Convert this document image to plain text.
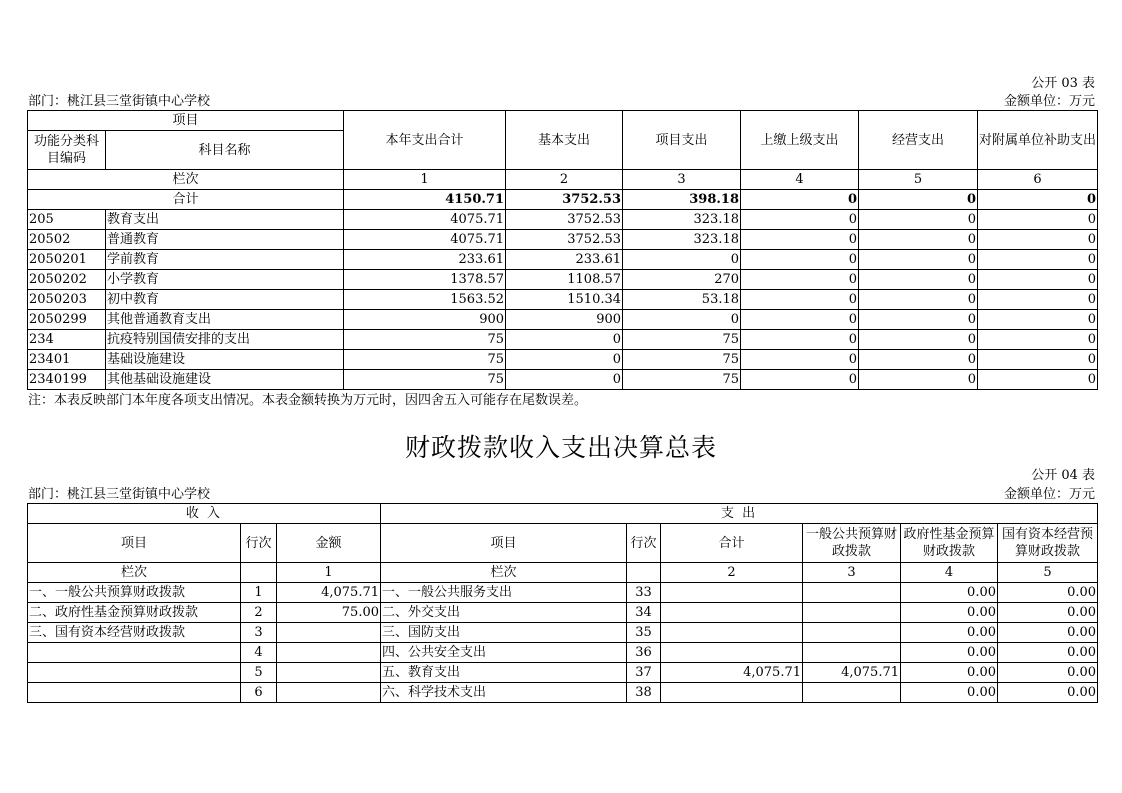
公开 03 表
部门：桃江县三堂街镇中心学校	金额单位：万元
项目		本年支出合计	基本支出	项目支出	上缴上级支出	经营支出	对附属单位补助支出
功能分类科目编码	科目名称						
栏次		1	2	3	4	5	6
合计		4150.71	3752.53	398.18	0	0	0
205	教育支出	4075.71	3752.53	323.18	0	0	0
20502	普通教育	4075.71	3752.53	323.18	0	0	0
2050201	学前教育	233.61	233.61	0	0	0	0
2050202	小学教育	1378.57	1108.57	270	0	0	0
2050203	初中教育	1563.52	1510.34	53.18	0	0	0
2050299	其他普通教育支出	900	900	0	0	0	0
234	抗疫特别国债安排的支出	75	0	75	0	0	0
23401	基础设施建设	75	0	75	0	0	0
2340199	其他基础设施建设	75	0	75	0	0	0
注：本表反映部门本年度各项支出情况。本表金额转换为万元时，因四舍五入可能存在尾数误差。
财政拨款收入支出决算总表
公开 04 表
部门：桃江县三堂街镇中心学校	金额单位：万元
收 入			支 出					
项目	行次	金额	项目	行次	合计	一般公共预算财政拨款	政府性基金预算财政拨款	国有资本经营预算财政拨款
栏次		1	栏次		2	3	4	5
一、一般公共预算财政拨款	1	4,075.71	一、一般公共服务支出	33			0.00	0.00
二、政府性基金预算财政拨款	2	75.00	二、外交支出	34			0.00	0.00
三、国有资本经营财政拨款	3		三、国防支出	35			0.00	0.00
	4		四、公共安全支出	36			0.00	0.00
	5		五、教育支出	37	4,075.71	4,075.71	0.00	0.00
	6		六、科学技术支出	38			0.00	0.00
